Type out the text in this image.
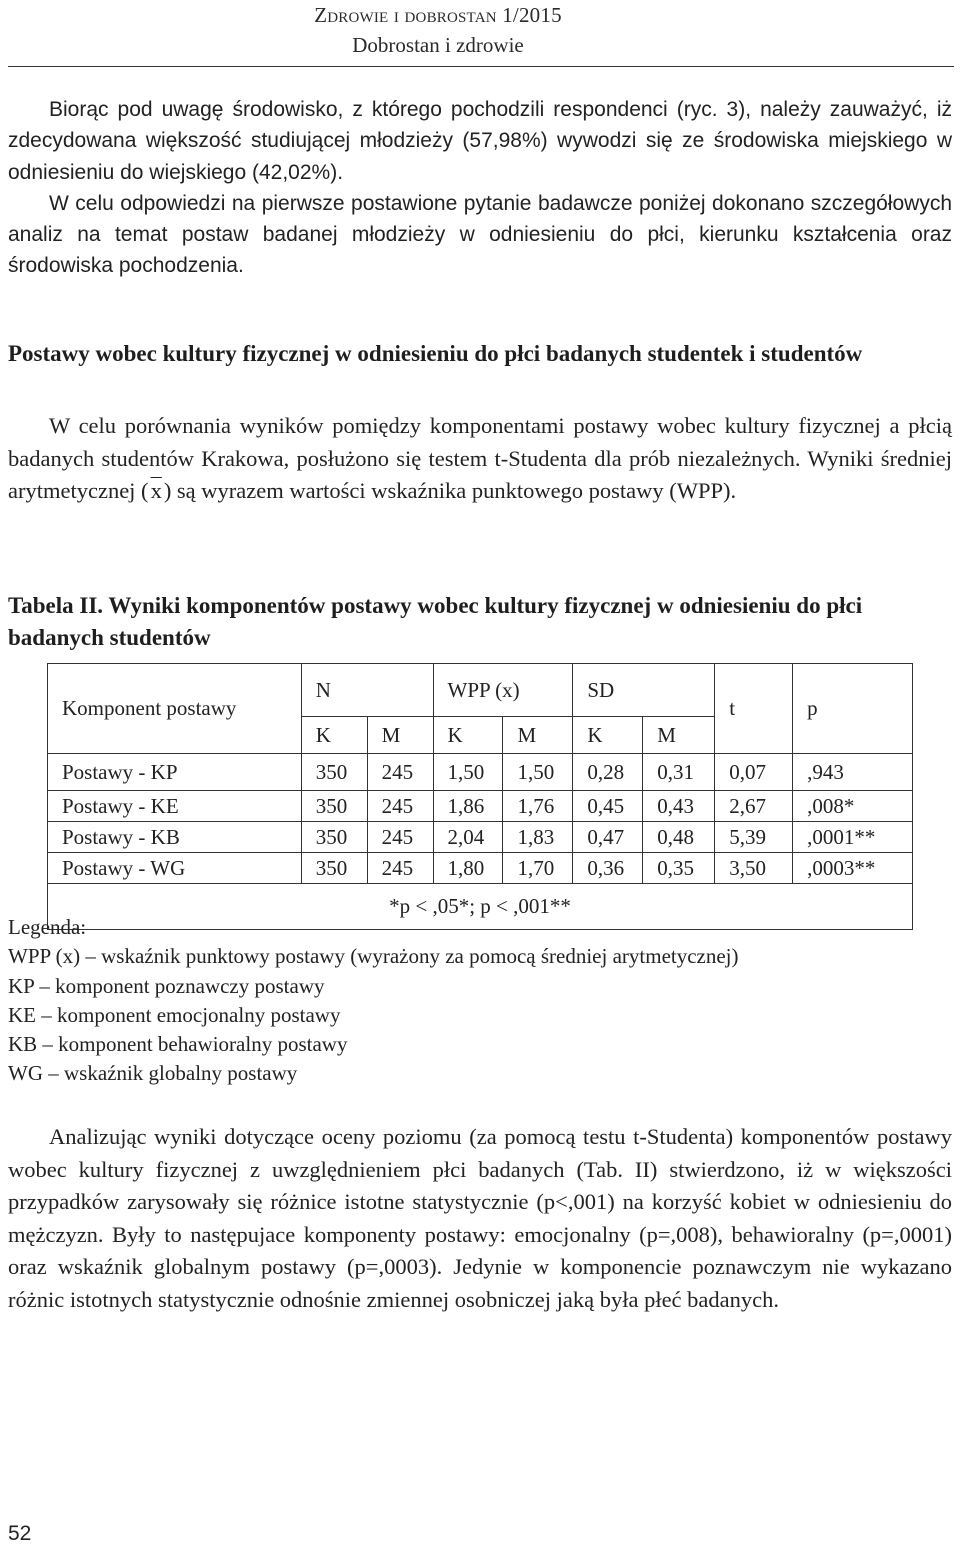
Zdrowie i dobrostan 1/2015
Dobrostan i zdrowie

Biorąc pod uwagę środowisko, z którego pochodzili respondenci (ryc. 3), należy zauważyć, iż zdecydowana większość studiującej młodzieży (57,98%) wywodzi się ze środowiska miejskiego w odniesieniu do wiejskiego (42,02%).

W celu odpowiedzi na pierwsze postawione pytanie badawcze poniżej dokonano szczegółowych analiz na temat postaw badanej młodzieży w odniesieniu do płci, kierunku kształcenia oraz środowiska pochodzenia.

Postawy wobec kultury fizycznej w odniesieniu do płci badanych studentek i studentów

W celu porównania wyników pomiędzy komponentami postawy wobec kultury fizycznej a płcią badanych studentów Krakowa, posłużono się testem t-Studenta dla prób niezależnych. Wyniki średniej arytmetycznej $(\overline{x})$ są wyrazem wartości wskaźnika punktowego postawy (WPP).

Tabela II. Wyniki komponentów postawy wobec kultury fizycznej w odniesieniu do płci badanych studentów
Komponent postawy	N		WPP (x)		SD		t	p
	K	M	K	M	K	M		
Postawy - KP	350	245	1,50	1,50	0,28	0,31	0,07	,943
Postawy - KE	350	245	1,86	1,76	0,45	0,43	2,67	,008*
Postawy - KB	350	245	2,04	1,83	0,47	0,48	5,39	,0001**
Postawy - WG	350	245	1,80	1,70	0,36	0,35	3,50	,0003**
*p < ,05*; p < ,001**								
Legenda:
WPP (x) – wskaźnik punktowy postawy (wyrażony za pomocą średniej arytmetycznej)
KP – komponent poznawczy postawy
KE – komponent emocjonalny postawy
KB – komponent behawioralny postawy
WG – wskaźnik globalny postawy

Analizując wyniki dotyczące oceny poziomu (za pomocą testu t-Studenta) komponentów postawy wobec kultury fizycznej z uwzględnieniem płci badanych (Tab. II) stwierdzono, iż w większości przypadków zarysowały się różnice istotne statystycznie (p<,001) na korzyść kobiet w odniesieniu do mężczyzn. Były to następujace komponenty postawy: emocjonalny (p=,008), behawioralny (p=,0001) oraz wskaźnik globalnym postawy (p=,0003). Jedynie w komponencie poznawczym nie wykazano różnic istotnych statystycznie odnośnie zmiennej osobniczej jaką była płeć badanych.

52
